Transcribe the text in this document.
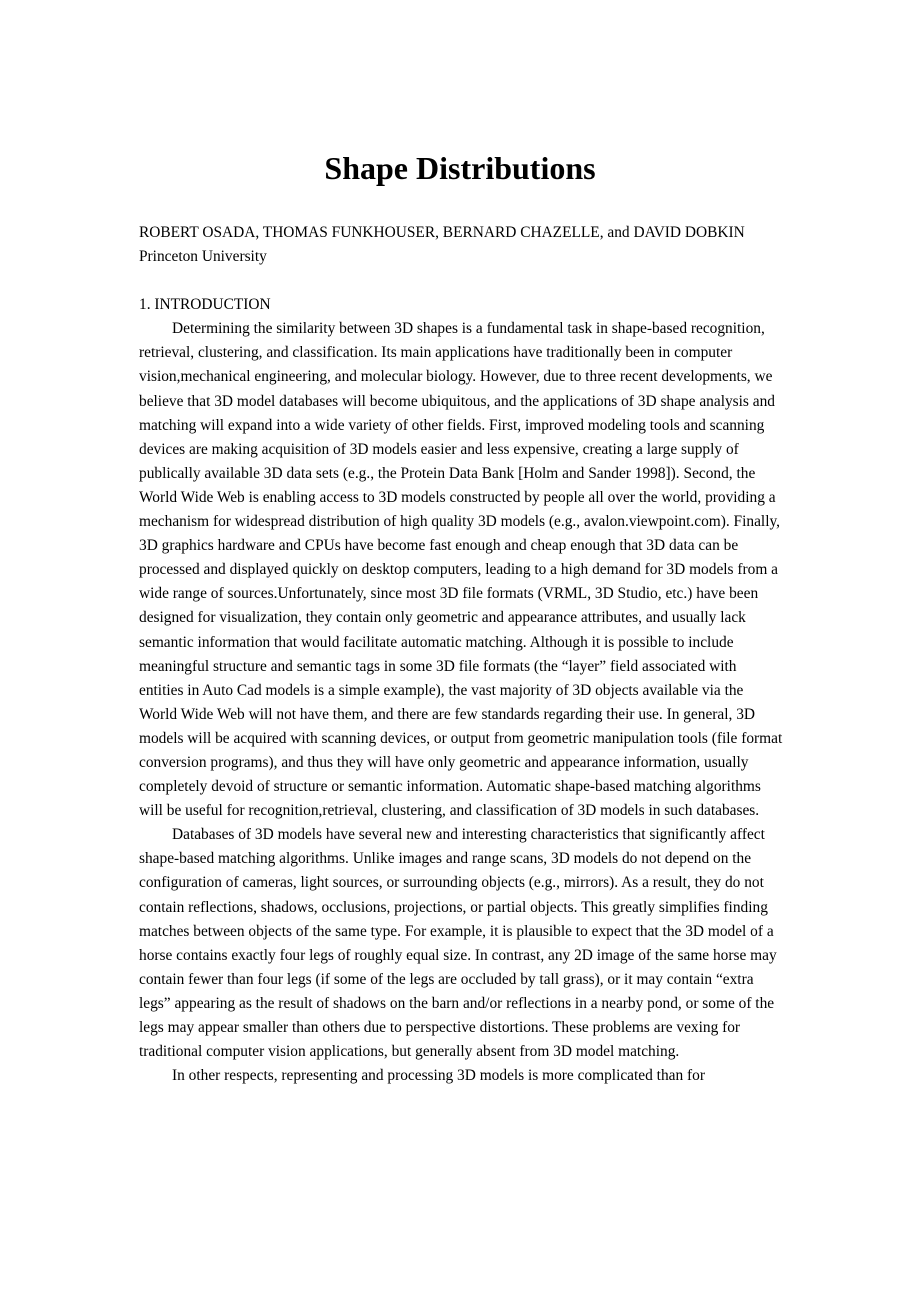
Shape Distributions

ROBERT OSADA, THOMAS FUNKHOUSER, BERNARD CHAZELLE, and DAVID DOBKIN

Princeton University

1. INTRODUCTION

Determining the similarity between 3D shapes is a fundamental task in shape-based recognition, retrieval, clustering, and classification. Its main applications have traditionally been in computer vision,mechanical engineering, and molecular biology. However, due to three recent developments, we believe that 3D model databases will become ubiquitous, and the applications of 3D shape analysis and matching will expand into a wide variety of other fields. First, improved modeling tools and scanning devices are making acquisition of 3D models easier and less expensive, creating a large supply of publically available 3D data sets (e.g., the Protein Data Bank [Holm and Sander 1998]). Second, the World Wide Web is enabling access to 3D models constructed by people all over the world, providing a mechanism for widespread distribution of high quality 3D models (e.g., avalon.viewpoint.com). Finally, 3D graphics hardware and CPUs have become fast enough and cheap enough that 3D data can be processed and displayed quickly on desktop computers, leading to a high demand for 3D models from a wide range of sources.Unfortunately, since most 3D file formats (VRML, 3D Studio, etc.) have been designed for visualization, they contain only geometric and appearance attributes, and usually lack semantic information that would facilitate automatic matching. Although it is possible to include meaningful structure and semantic tags in some 3D file formats (the “layer” field associated with entities in Auto Cad models is a simple example), the vast majority of 3D objects available via the World Wide Web will not have them, and there are few standards regarding their use. In general, 3D models will be acquired with scanning devices, or output from geometric manipulation tools (file format conversion programs), and thus they will have only geometric and appearance information, usually completely devoid of structure or semantic information. Automatic shape-based matching algorithms will be useful for recognition,retrieval, clustering, and classification of 3D models in such databases.

Databases of 3D models have several new and interesting characteristics that significantly affect shape-based matching algorithms. Unlike images and range scans, 3D models do not depend on the configuration of cameras, light sources, or surrounding objects (e.g., mirrors). As a result, they do not contain reflections, shadows, occlusions, projections, or partial objects. This greatly simplifies finding matches between objects of the same type. For example, it is plausible to expect that the 3D model of a horse contains exactly four legs of roughly equal size. In contrast, any 2D image of the same horse may contain fewer than four legs (if some of the legs are occluded by tall grass), or it may contain “extra legs” appearing as the result of shadows on the barn and/or reflections in a nearby pond, or some of the legs may appear smaller than others due to perspective distortions. These problems are vexing for traditional computer vision applications, but generally absent from 3D model matching.

In other respects, representing and processing 3D models is more complicated than for
